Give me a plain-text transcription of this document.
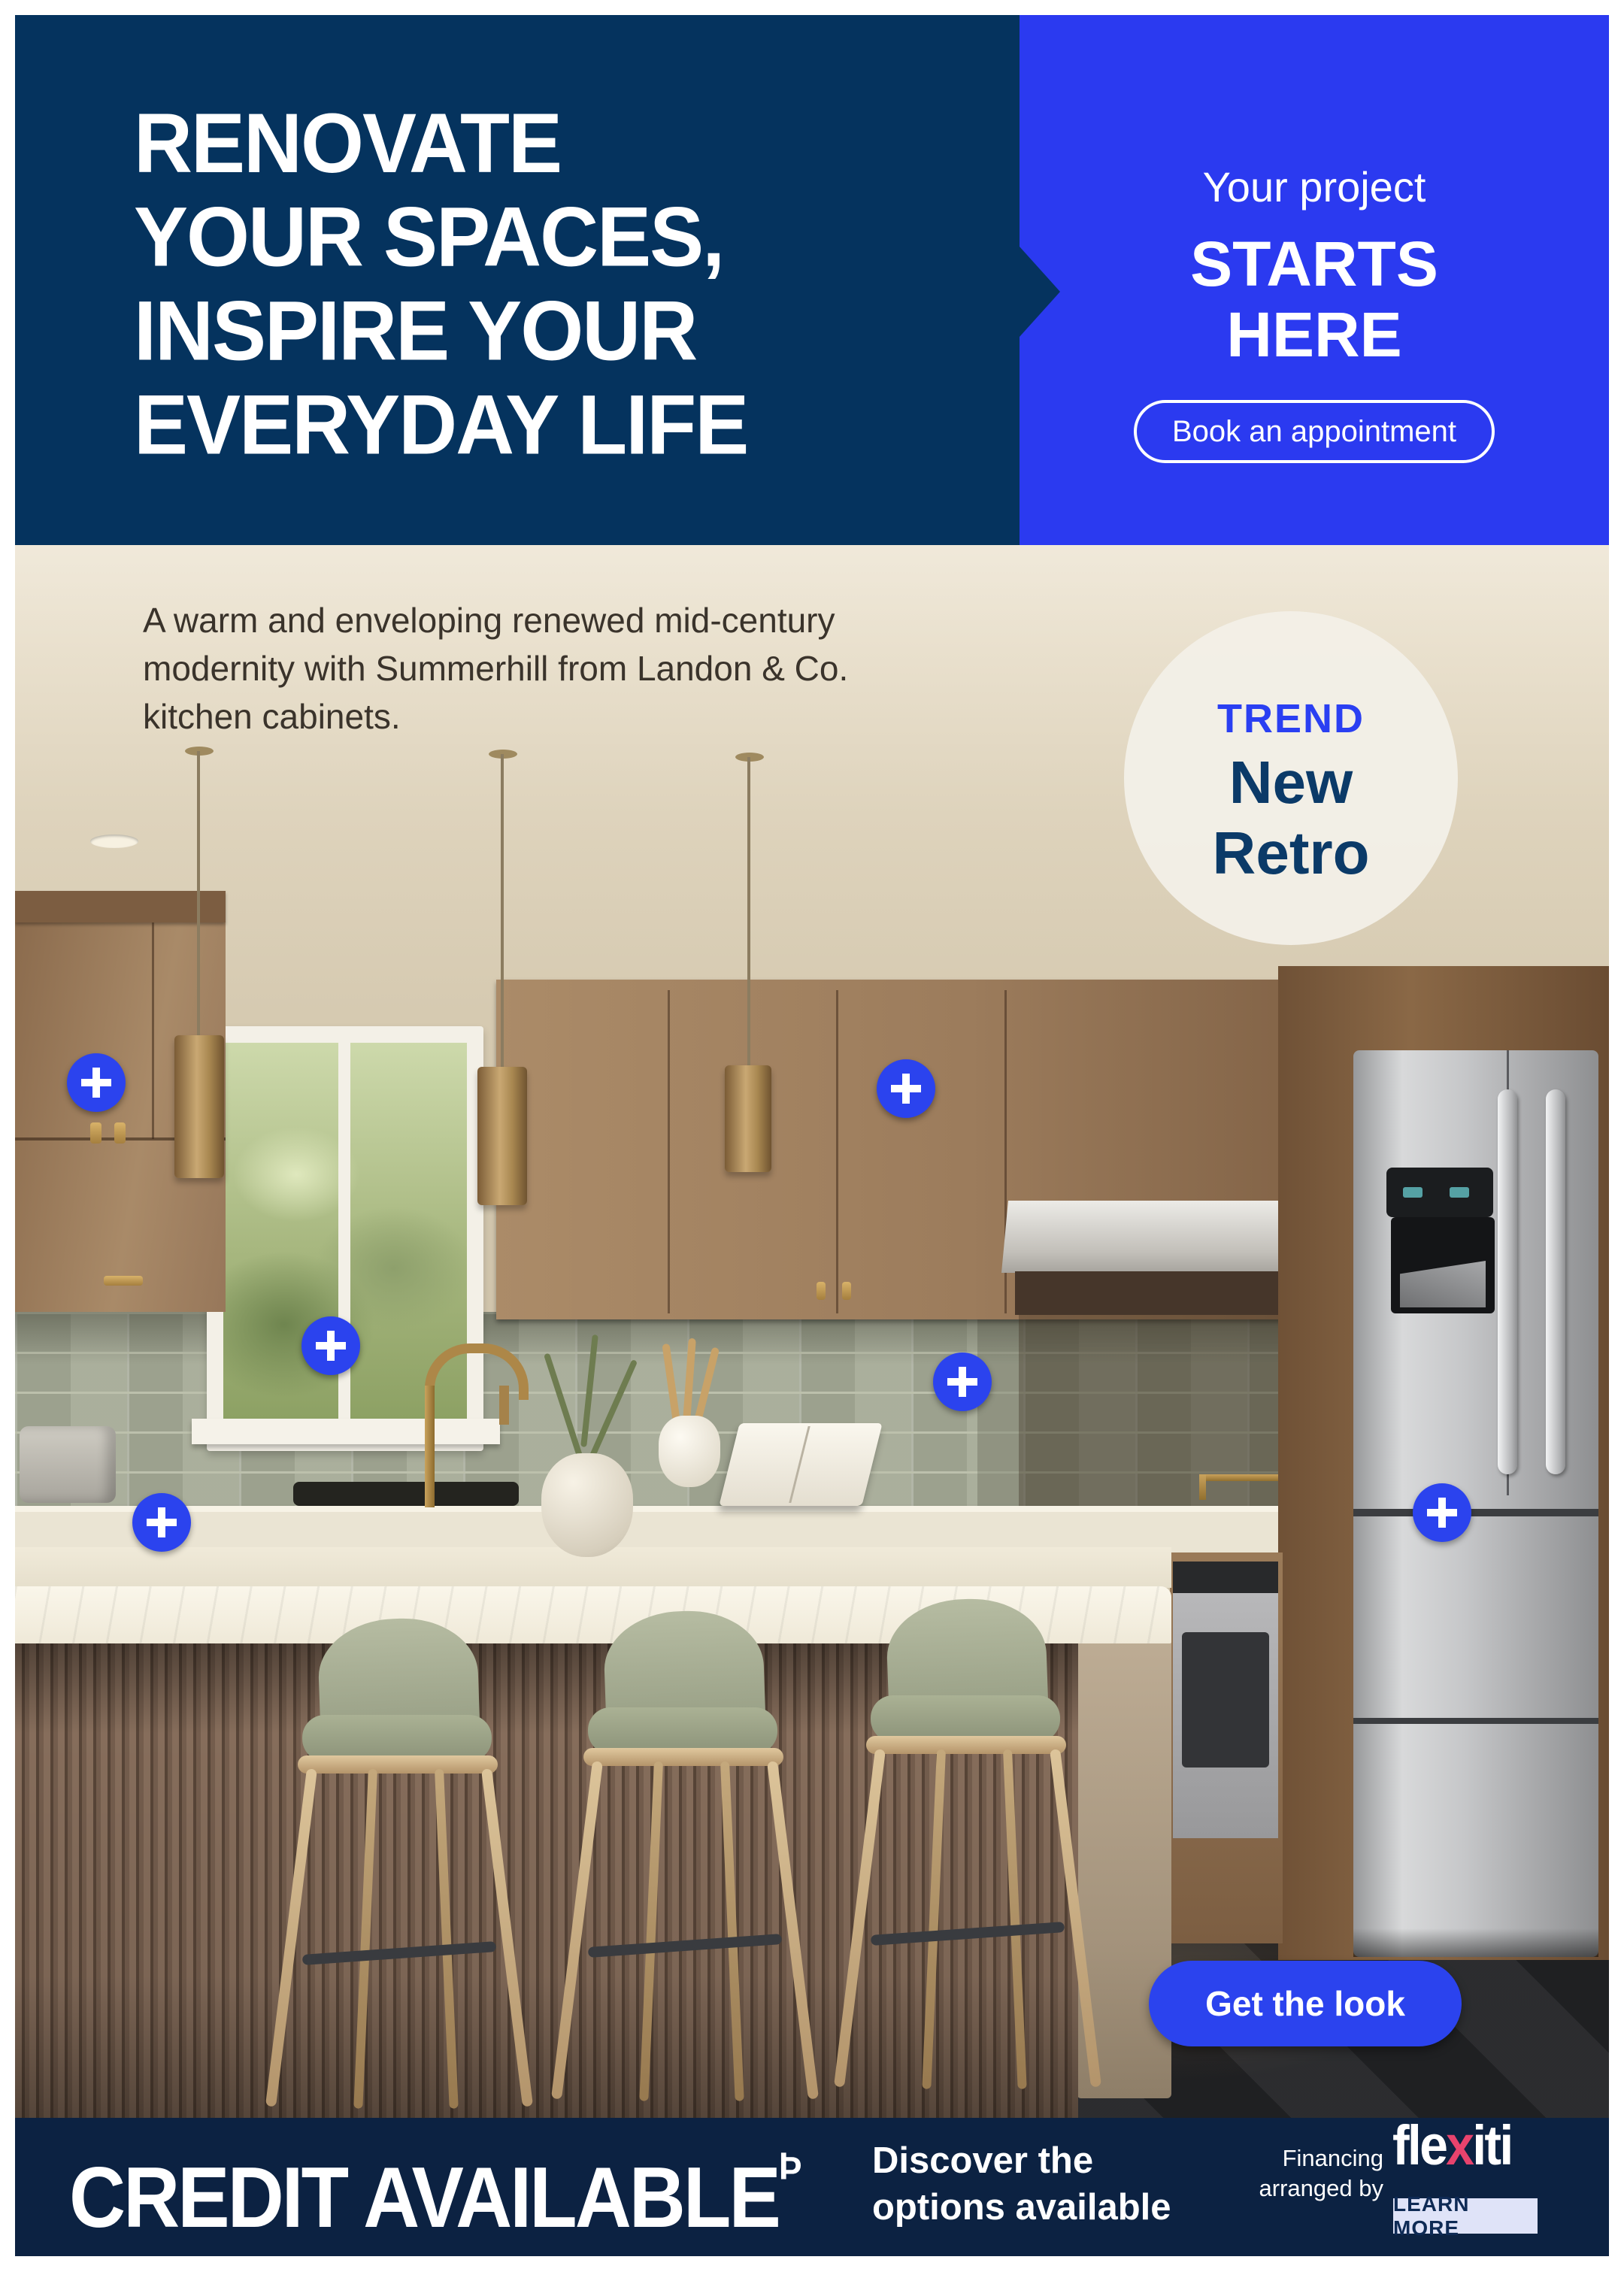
RENOVATE
YOUR SPACES,
INSPIRE YOUR
EVERYDAY LIFE
Your project
STARTS
HERE
Book an appointment
A warm and enveloping renewed mid-century
modernity with Summerhill from Landon & Co.
kitchen cabinets.	TREND
New
Retro
Get the look
CREDIT $AVAILABLE^Þ$ Discover the
options available
Financing
arranged by
flexiti
LEARN MORE
